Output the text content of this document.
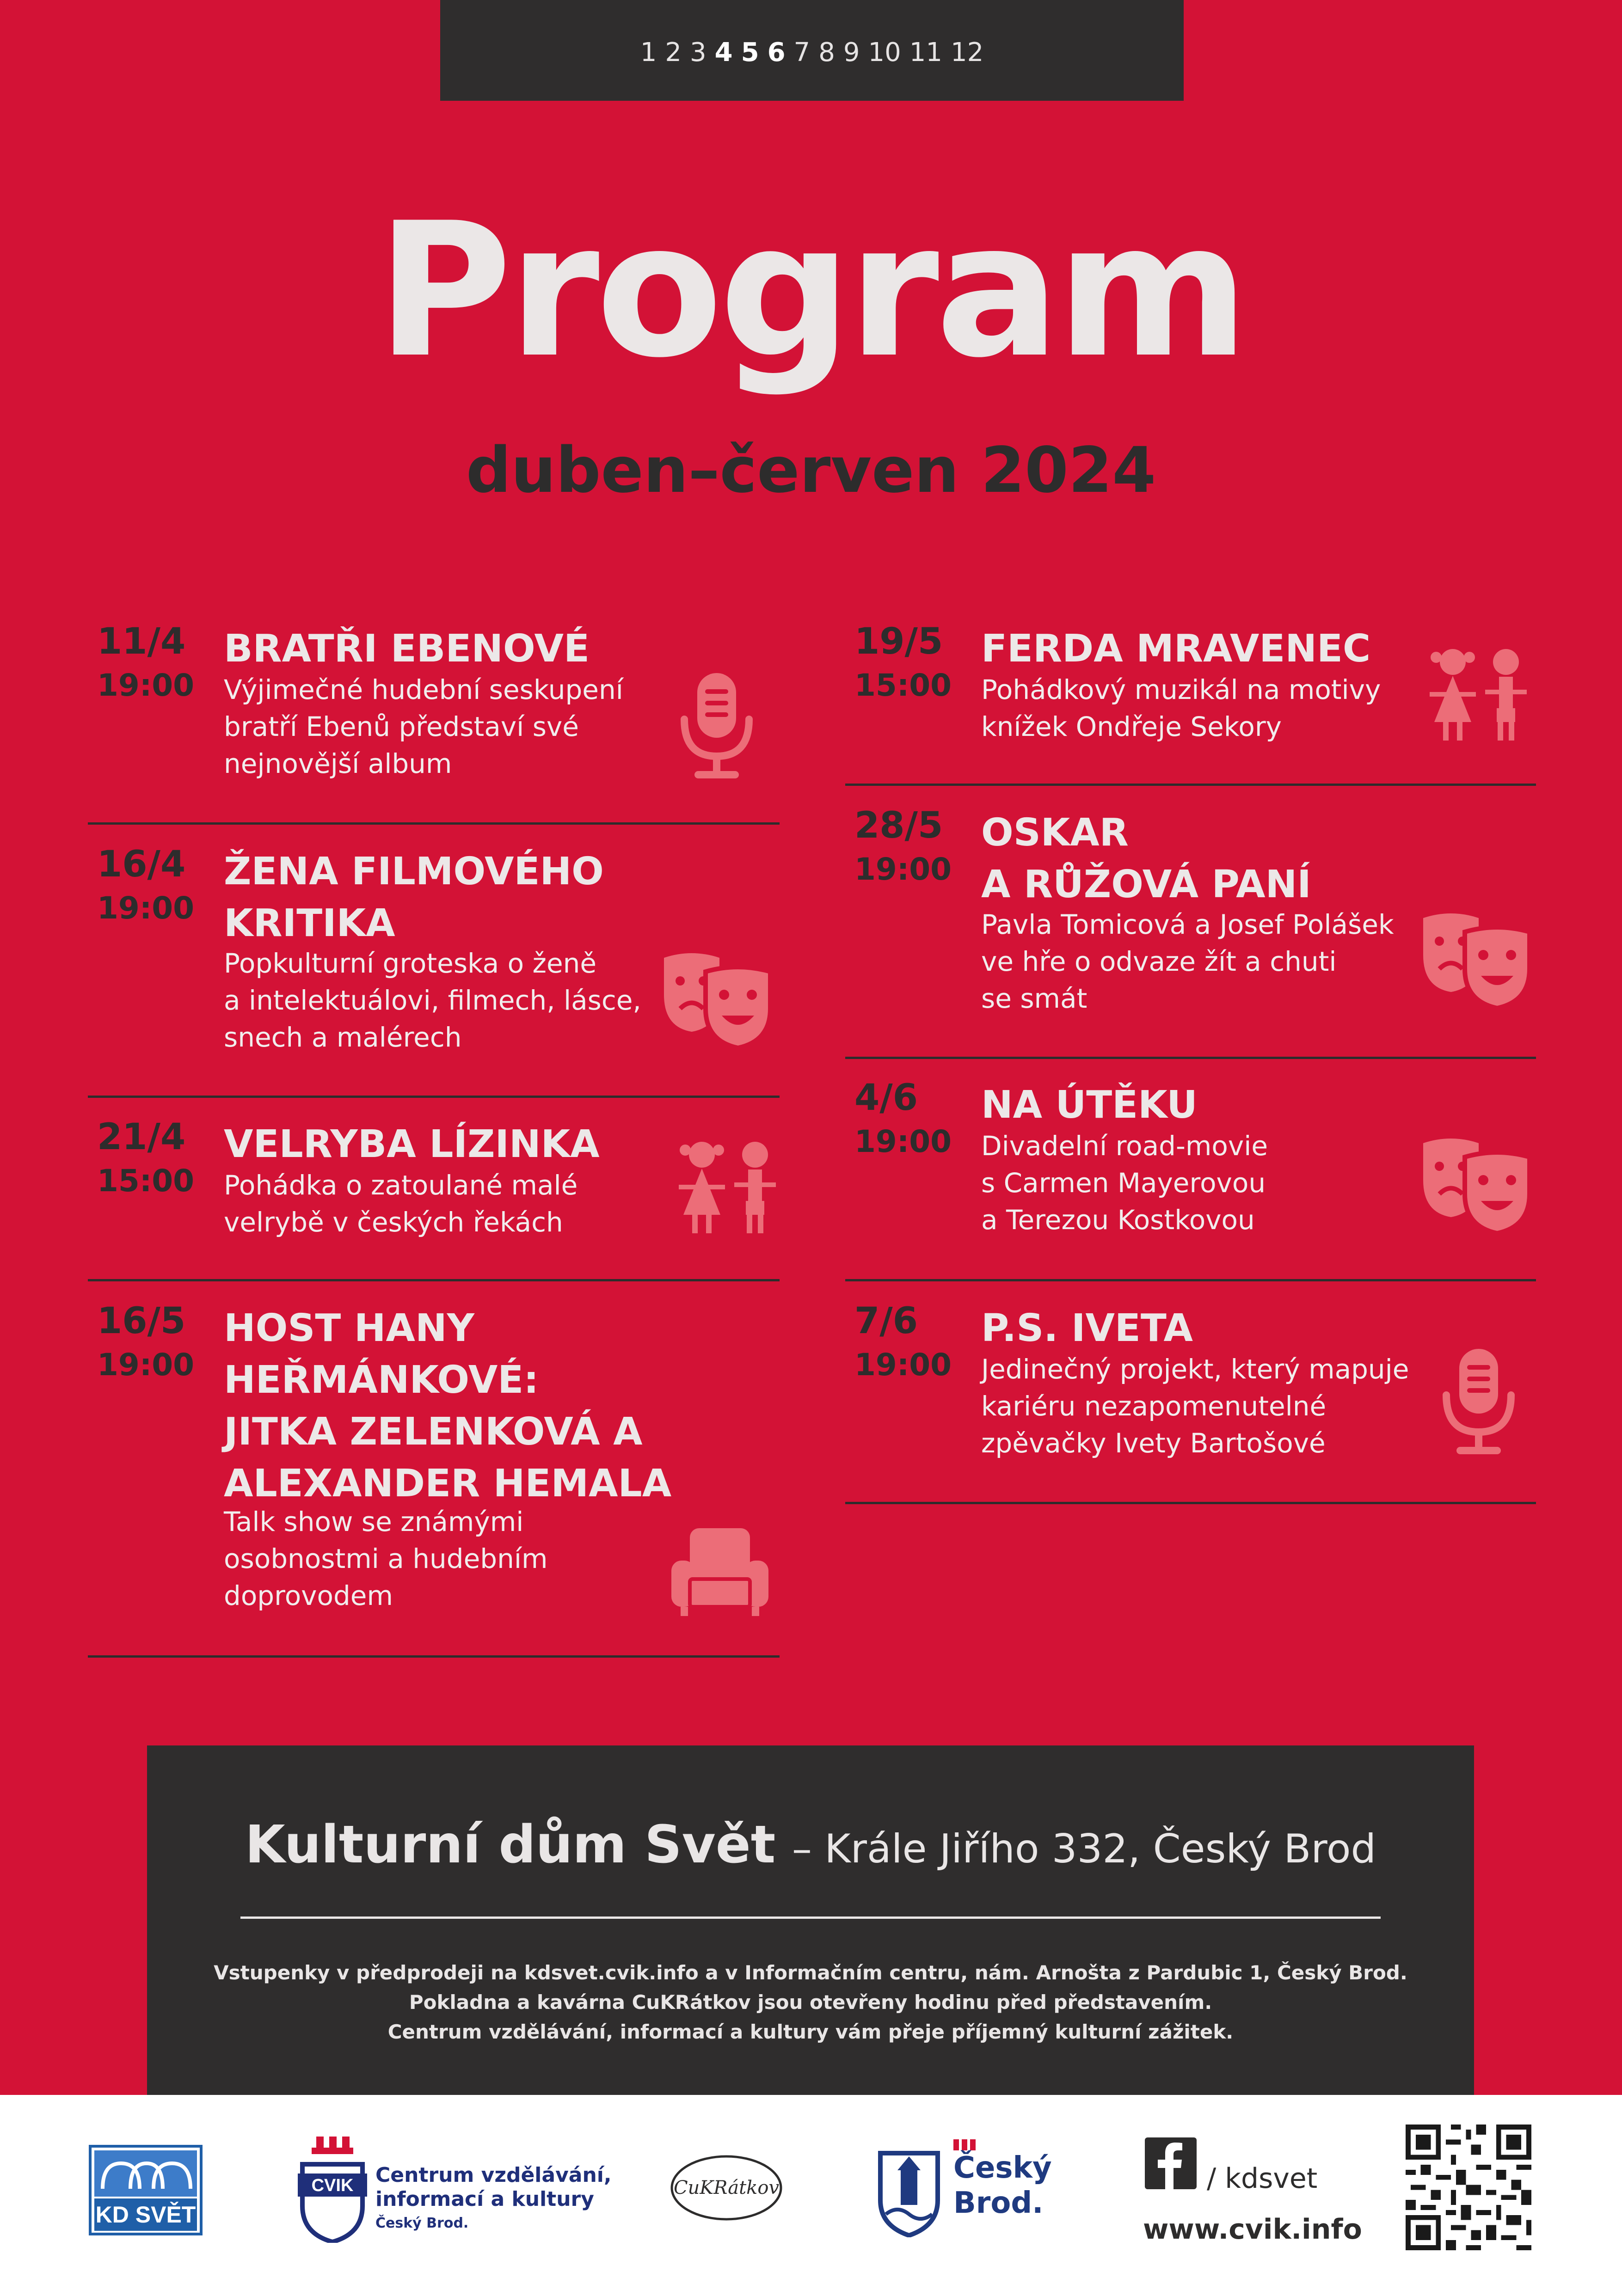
1 2 3 4 5 6 7 8 9 10 11 12
Program
duben–červen 2024
11/4
19:00
BRATŘI EBENOVÉ
Výjimečné hudební seskupení
bratří Ebenů představí své
nejnovější album
16/4
19:00
ŽENA FILMOVÉHO
KRITIKA
Popkulturní groteska o ženě
a intelektuálovi, filmech, lásce,
snech a malérech
21/4
15:00
VELRYBA LÍZINKA
Pohádka o zatoulané malé
velrybě v českých řekách
16/5
19:00
HOST HANY
HEŘMÁNKOVÉ:
JITKA ZELENKOVÁ A
ALEXANDER HEMALA
Talk show se známými
osobnostmi a hudebním
doprovodem
19/5
15:00
FERDA MRAVENEC
Pohádkový muzikál na motivy
knížek Ondřeje Sekory
28/5
19:00
OSKAR
A RŮŽOVÁ PANÍ
Pavla Tomicová a Josef Polášek
ve hře o odvaze žít a chuti
se smát
4/6
19:00
NA ÚTĚKU
Divadelní road-movie
s Carmen Mayerovou
a Terezou Kostkovou
7/6
19:00
P.S. IVETA
Jedinečný projekt, který mapuje
kariéru nezapomenutelné
zpěvačky Ivety Bartošové
Kulturní dům Svět – Krále Jiřího 332, Český Brod
Vstupenky v předprodeji na kdsvet.cvik.info a v Informačním centru, nám. Arnošta z Pardubic 1, Český Brod.
Pokladna a kavárna CuKRátkov jsou otevřeny hodinu před představením.
Centrum vzdělávání, informací a kultury vám přeje příjemný kulturní zážitek.
KD SVĚT
CVIK Centrum vzdělávání,
informací a kultury
Český Brod.
CuKRátkov
Český
Brod.
/ kdsvet
www.cvik.info
